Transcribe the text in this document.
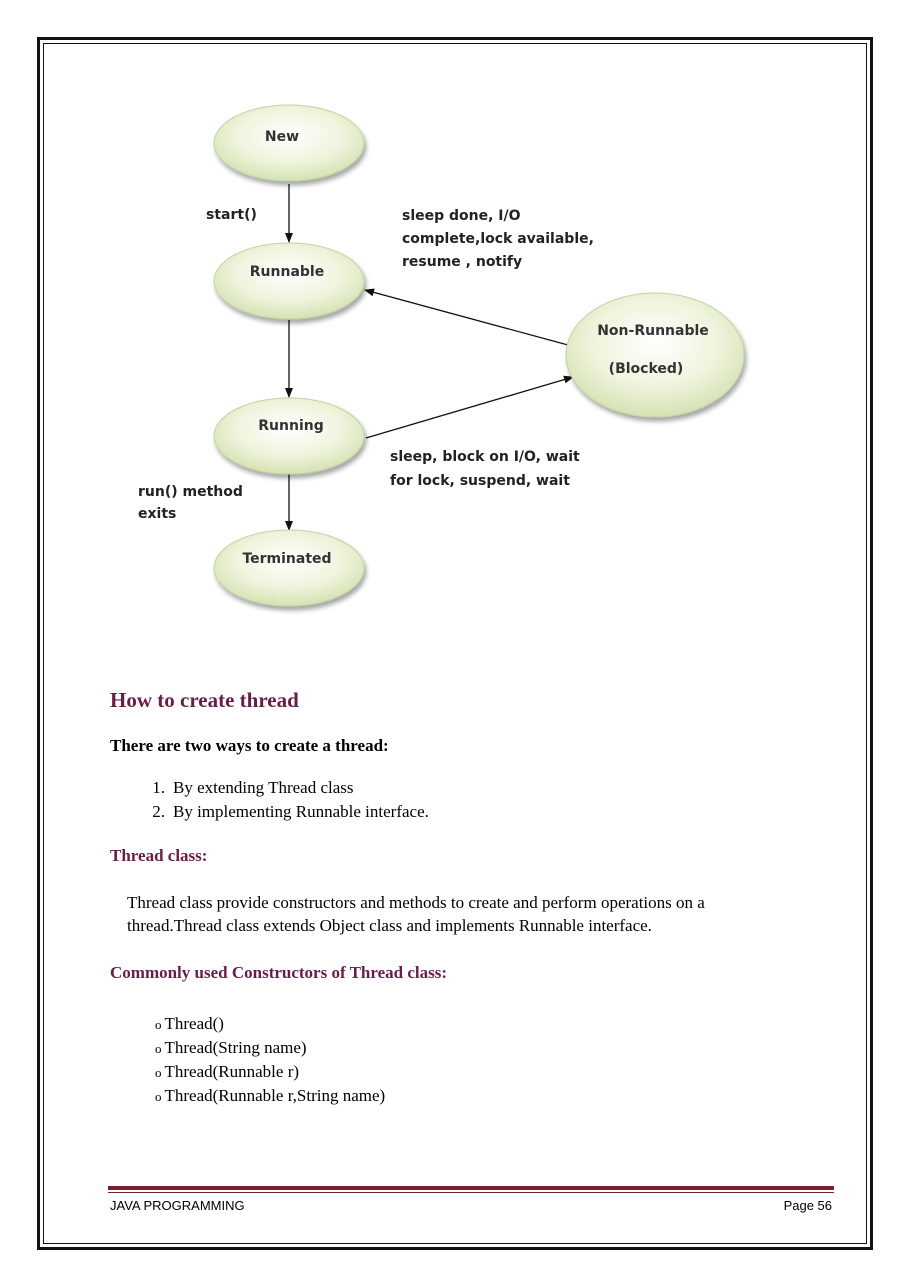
New
Runnable
Running
Terminated
Non-Runnable
(Blocked)
start()	sleep done, I/O
complete,lock available,
resume , notify
sleep, block on I/O, wait
for lock, suspend, wait
run() method
exits
How to create thread

There are two ways to create a thread:

1. By extending Thread class
2. By implementing Runnable interface.
Thread class:

Thread class provide constructors and methods to create and perform operations on a thread.Thread class extends Object class and implements Runnable interface.

Commonly used Constructors of Thread class:
o Thread()
o Thread(String name)
o Thread(Runnable r)
o Thread(Runnable r,String name)
JAVA PROGRAMMING	Page 56
